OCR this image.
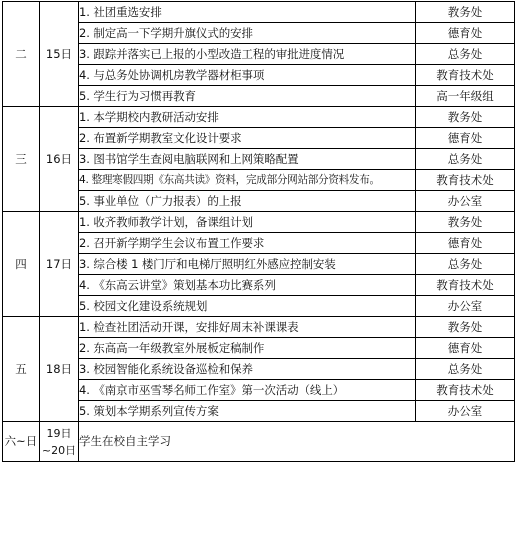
二	15日	1. 社团重选安排	教务处
		2. 制定高一下学期升旗仪式的安排	德育处
		3. 跟踪并落实已上报的小型改造工程的审批进度情况	总务处
		4. 与总务处协调机房教学器材柜事项	教育技术处
		5. 学生行为习惯再教育	高一年级组
三	16日	1. 本学期校内教研活动安排	教务处
		2. 布置新学期教室文化设计要求	德育处
		3. 图书馆学生查阅电脑联网和上网策略配置	总务处
		4. 整理寒假四期《东高共读》资料，完成部分网站部分资料发布。	教育技术处
		5. 事业单位（广力报表）的上报	办公室
四	17日	1. 收齐教师教学计划，备课组计划	教务处
		2. 召开新学期学生会议布置工作要求	德育处
		3. 综合楼 1 楼门厅和电梯厅照明红外感应控制安装	总务处
		4. 《东高云讲堂》策划基本功比赛系列	教育技术处
		5. 校园文化建设系统规划	办公室
五	18日	1. 检查社团活动开课，安排好周末补课课表	教务处
		2. 东高高一年级教室外展板定稿制作	德育处
		3. 校园智能化系统设备巡检和保养	总务处
		4. 《南京市巫雪琴名师工作室》第一次活动（线上）	教育技术处
		5. 策划本学期系列宣传方案	办公室
六~日	19日~20日	学生在校自主学习	
